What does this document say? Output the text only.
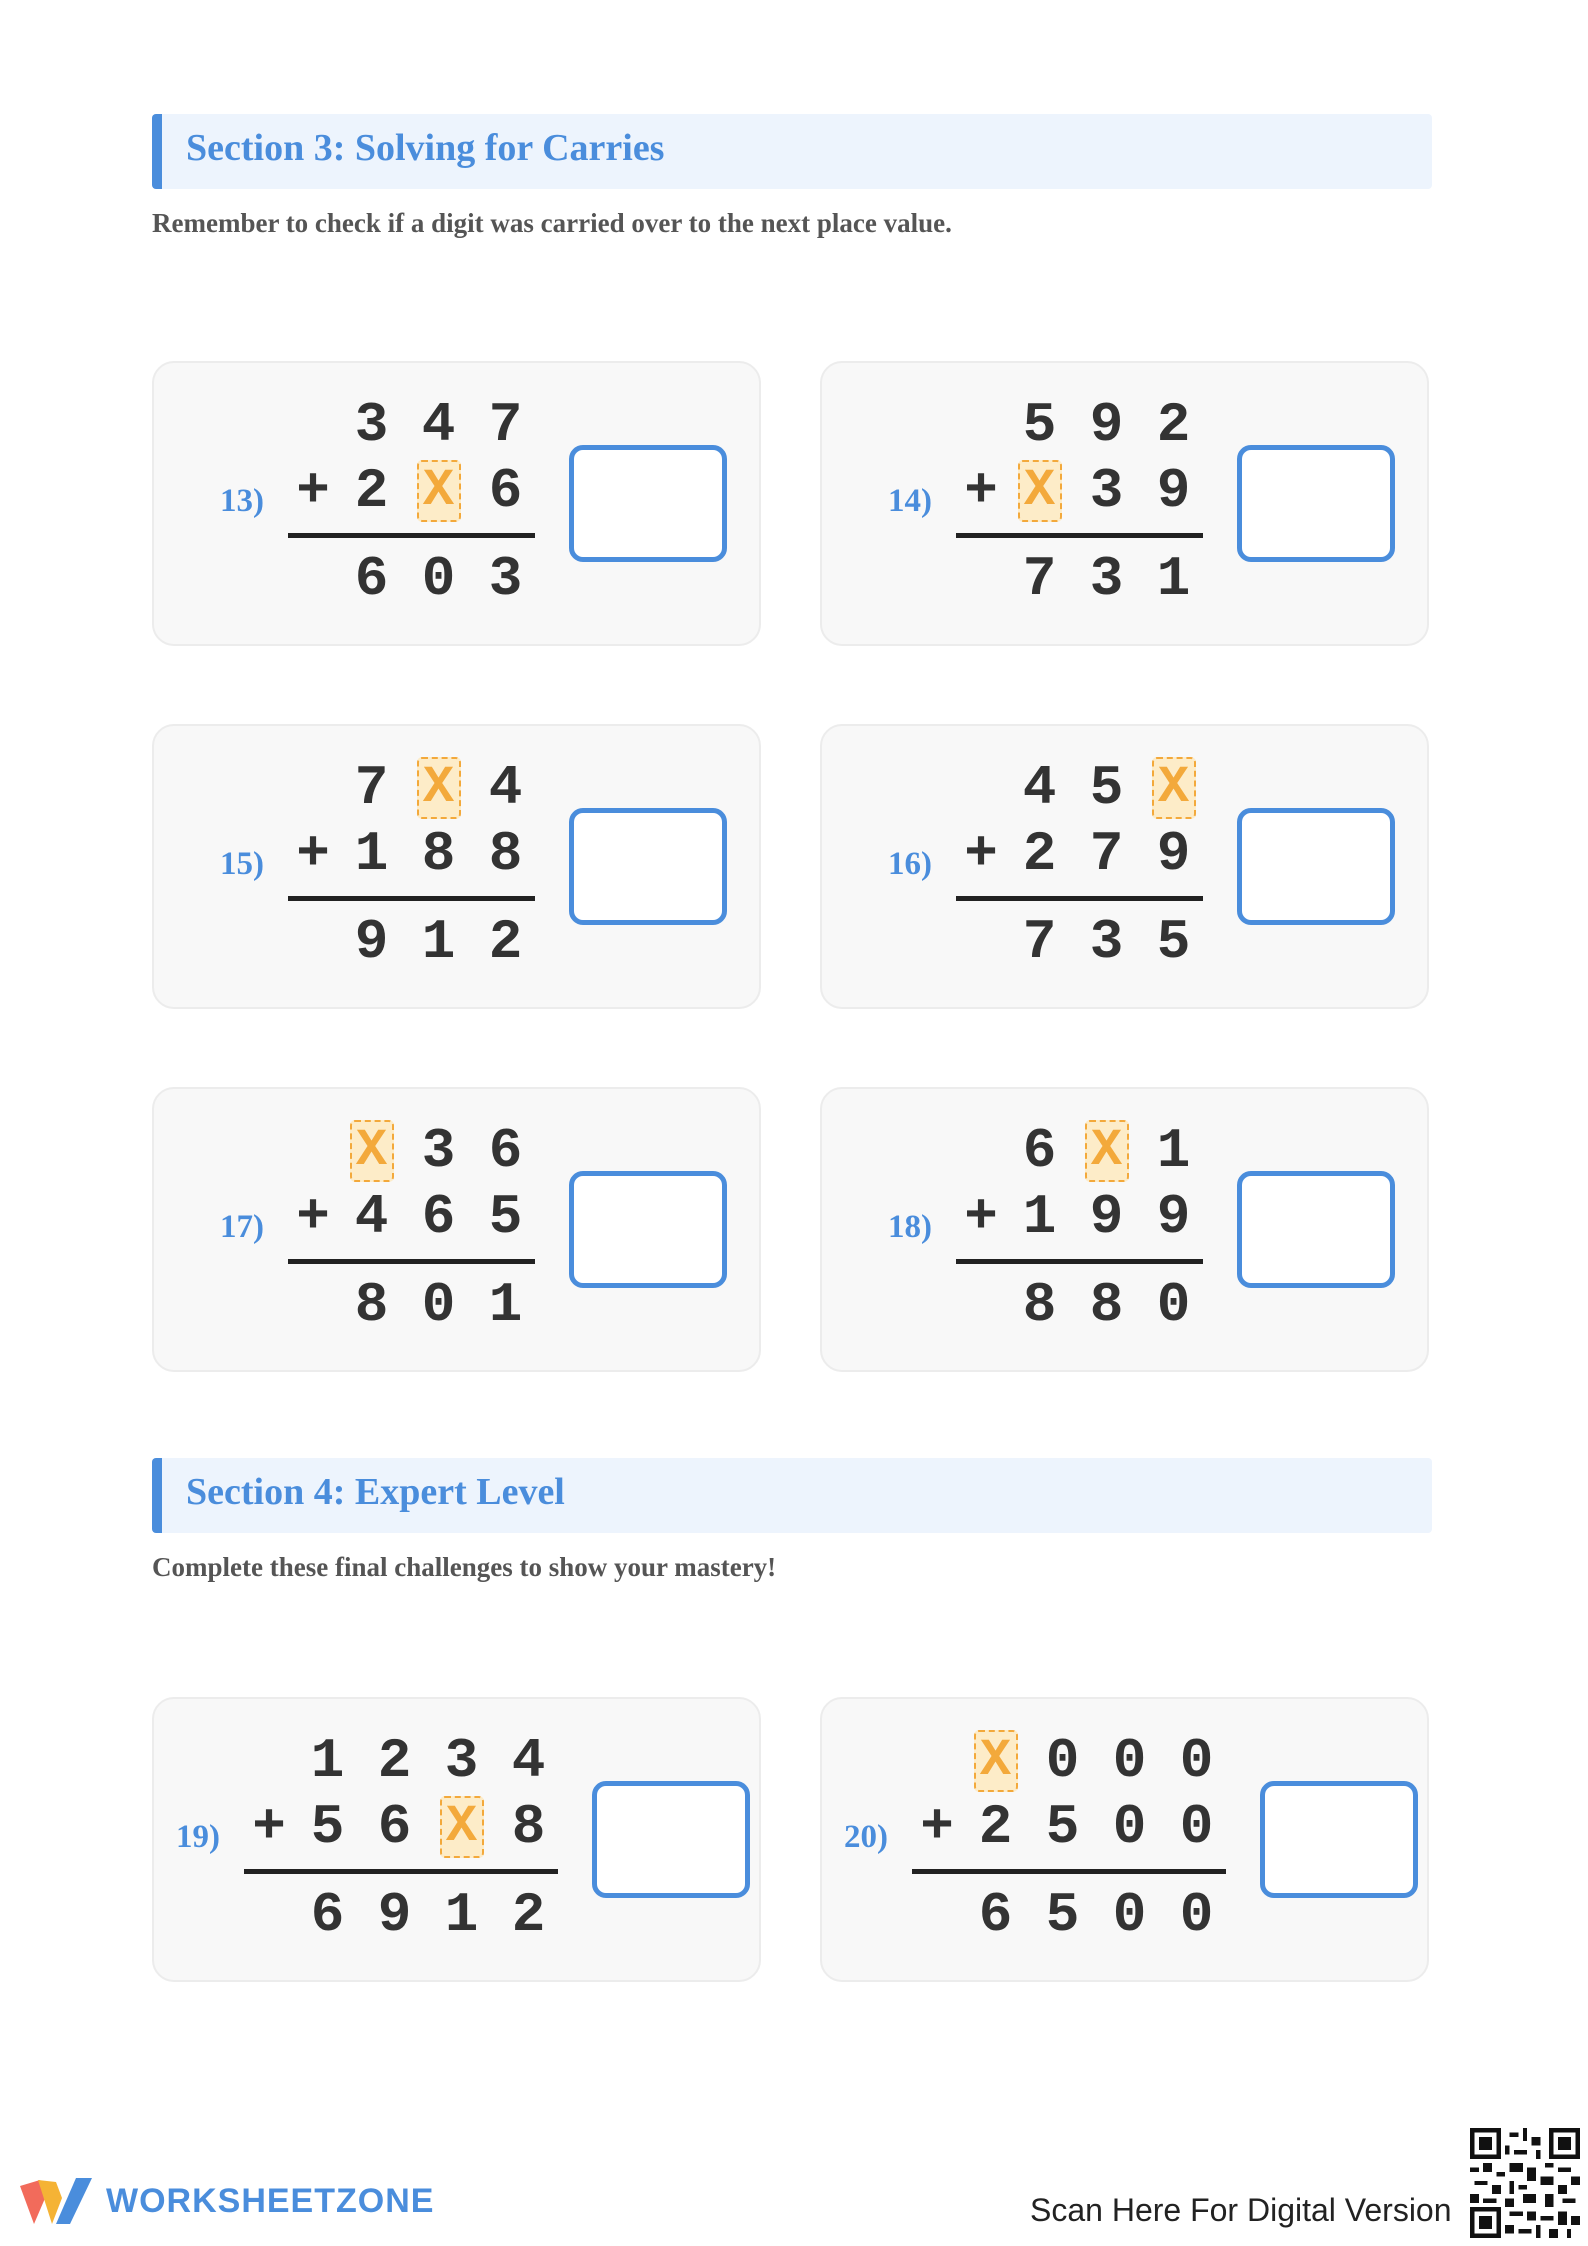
Section 3: Solving for Carries
Remember to check if a digit was carried over to the next place value.
Section 4: Expert Level
Complete these final challenges to show your mastery!
13)
3 4 7
+ 2 X 6
6 0 3
14)
5 9 2
+ X 3 9
7 3 1
15)
7 X 4
+ 1 8 8
9 1 2
16)
4 5 X
+ 2 7 9
7 3 5
17)
X 3 6
+ 4 6 5
8 0 1
18)
6 X 1
+ 1 9 9
8 8 0
19)
1 2 3 4
+ 5 6 X 8
6 9 1 2
20)
X 0 0 0
+ 2 5 0 0
6 5 0 0
WORKSHEETZONE	Scan Here For Digital Version
